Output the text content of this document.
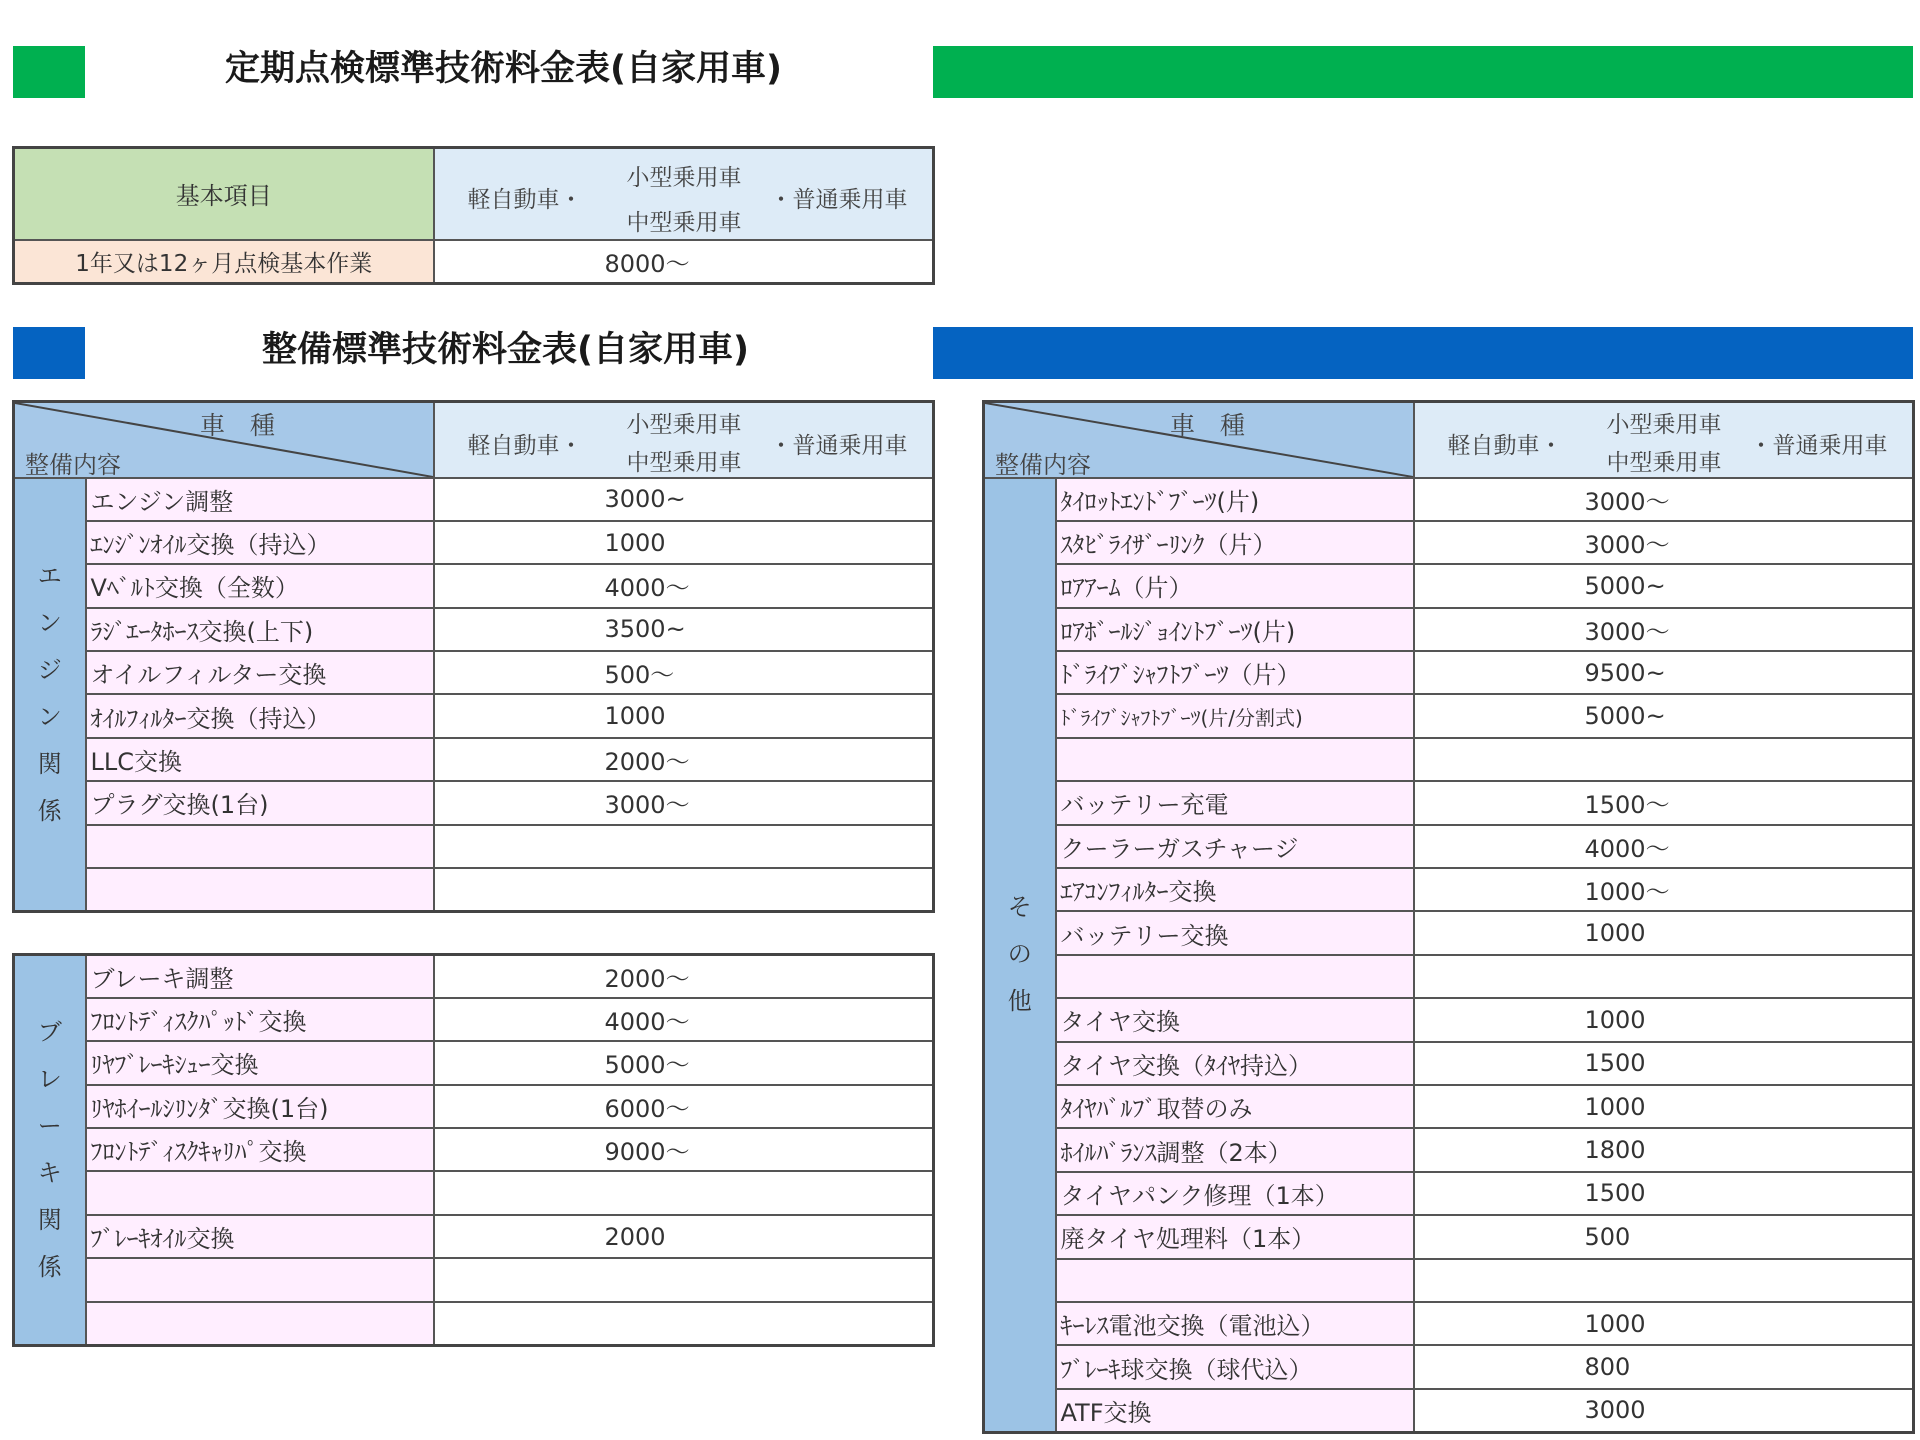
定期点検標準技術料金表(自家用車)
基本項目	軽自動車・
小型乗用車
中型乗用車
・普通乗用車

1年又は12ヶ月点検基本作業	8000～
整備標準技術料金表(自家用車)
車　種
整備内容		軽自動車・
小型乗用車
中型乗用車
・普通乗用車

エンジン関係	エンジン調整	3000~
	ｴﾝｼﾞﾝｵｲﾙ交換（持込）	1000
	Vﾍﾞﾙﾄ交換（全数）	4000～
	ﾗｼﾞｴｰﾀﾎｰｽ交換(上下)	3500~
	オイルフィルター交換	500～
	ｵｲﾙﾌｨﾙﾀｰ交換（持込）	1000
	LLC交換	2000～
	プラグ交換(1台)	3000～

ブレーキ関係	ブレーキ調整	2000～
	ﾌﾛﾝﾄﾃﾞｨｽｸﾊﾟｯﾄﾞ交換	4000～
	ﾘﾔﾌﾞﾚｰｷｼｭｰ交換	5000～
	ﾘﾔﾎｲｰﾙｼﾘﾝﾀﾞ交換(1台)	6000～
	ﾌﾛﾝﾄﾃﾞｨｽｸｷｬﾘﾊﾟ交換	9000～

	ﾌﾞﾚｰｷｵｲﾙ交換	2000

車　種
整備内容		軽自動車・
小型乗用車
中型乗用車
・普通乗用車

その他	ﾀｲﾛｯﾄｴﾝﾄﾞﾌﾞｰﾂ(片)	3000～
	ｽﾀﾋﾞﾗｲｻﾞｰﾘﾝｸ（片）	3000～
	ﾛｱｱｰﾑ（片）	5000~
	ﾛｱﾎﾞｰﾙｼﾞｮｲﾝﾄﾌﾞｰﾂ(片)	3000～
	ﾄﾞﾗｲﾌﾞｼｬﾌﾄﾌﾞｰﾂ（片）	9500~
	ﾄﾞﾗｲﾌﾞｼｬﾌﾄﾌﾞｰﾂ(片/分割式)	5000~

	バッテリー充電	1500～
	クーラーガスチャージ	4000～
	ｴｱｺﾝﾌｨﾙﾀｰ交換	1000～
	バッテリー交換	1000

	タイヤ交換	1000
	タイヤ交換（ﾀｲﾔ持込）	1500
	ﾀｲﾔﾊﾞﾙﾌﾞ取替のみ	1000
	ﾎｲﾙﾊﾞﾗﾝｽ調整（2本）	1800
	タイヤパンク修理（1本）	1500
	廃タイヤ処理料（1本）	500

	ｷｰﾚｽ電池交換（電池込）	1000
	ﾌﾞﾚｰｷ球交換（球代込）	800
	ATF交換	3000
